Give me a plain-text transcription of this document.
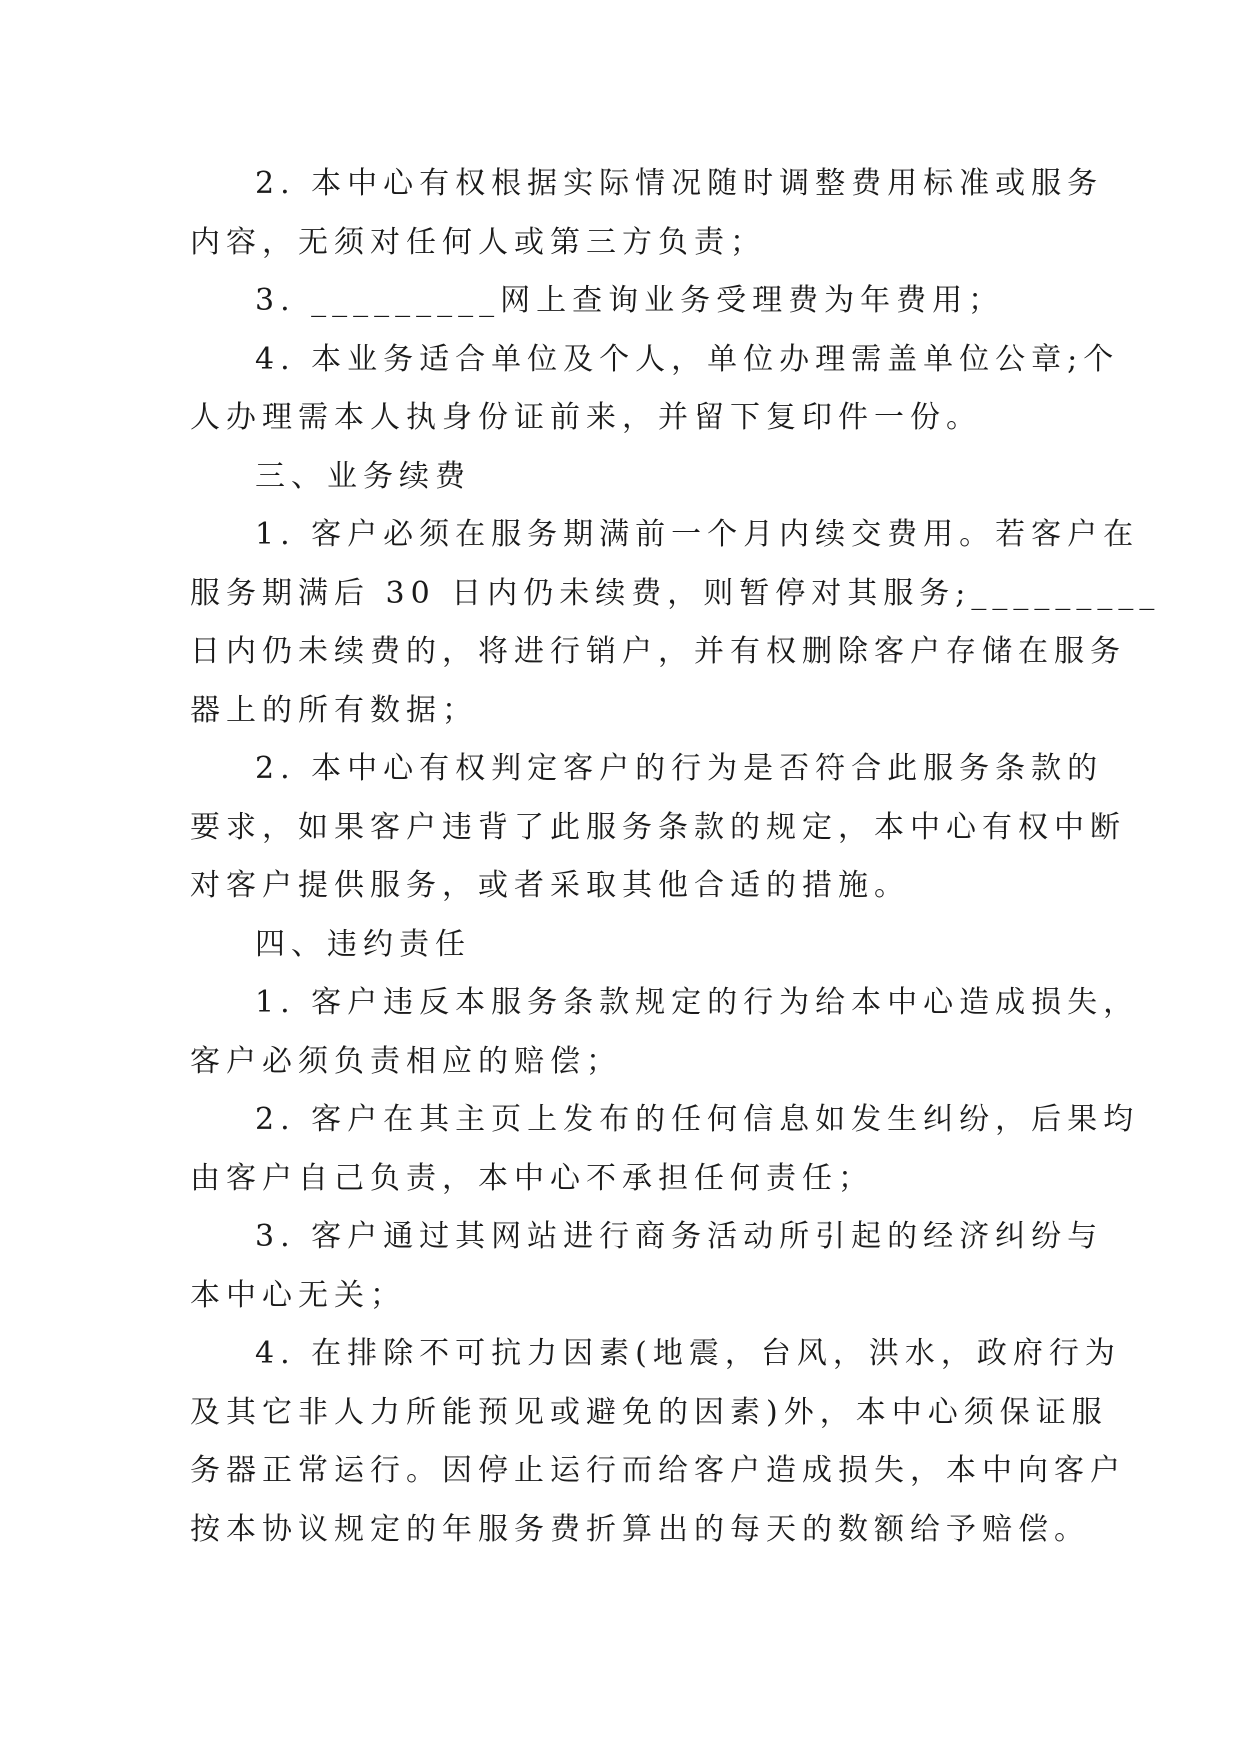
2. 本中心有权根据实际情况随时调整费用标准或服务
内容，无须对任何人或第三方负责；

3. _________网上查询业务受理费为年费用；

4. 本业务适合单位及个人，单位办理需盖单位公章;个
人办理需本人执身份证前来，并留下复印件一份。

三、业务续费

1. 客户必须在服务期满前一个月内续交费用。若客户在
服务期满后 30 日内仍未续费，则暂停对其服务;_________
日内仍未续费的，将进行销户，并有权删除客户存储在服务
器上的所有数据；

2. 本中心有权判定客户的行为是否符合此服务条款的
要求，如果客户违背了此服务条款的规定，本中心有权中断
对客户提供服务，或者采取其他合适的措施。

四、违约责任

1. 客户违反本服务条款规定的行为给本中心造成损失，
客户必须负责相应的赔偿；

2. 客户在其主页上发布的任何信息如发生纠纷，后果均
由客户自己负责，本中心不承担任何责任；

3. 客户通过其网站进行商务活动所引起的经济纠纷与
本中心无关；

4. 在排除不可抗力因素(地震，台风，洪水，政府行为
及其它非人力所能预见或避免的因素)外，本中心须保证服
务器正常运行。因停止运行而给客户造成损失，本中向客户
按本协议规定的年服务费折算出的每天的数额给予赔偿。
